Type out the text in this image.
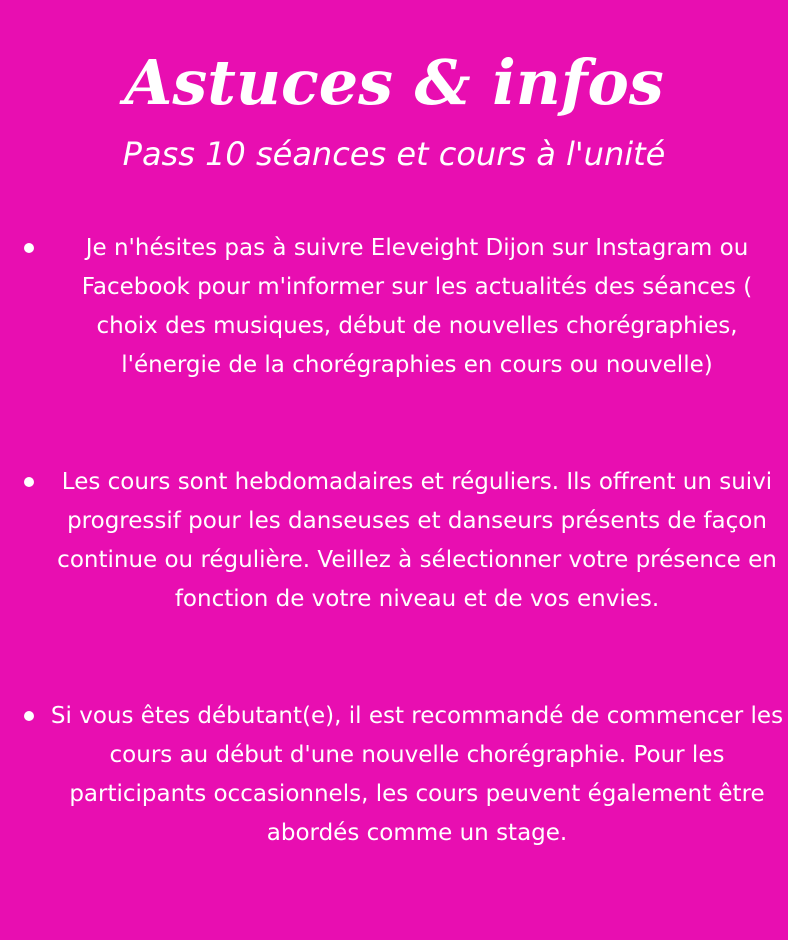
Astuces & infos
Pass 10 séances et cours à l'unité

Je n'hésites pas à suivre Eleveight Dijon sur Instagram ou Facebook pour m'informer sur les actualités des séances ( choix des musiques, début de nouvelles chorégraphies, l'énergie de la chorégraphies en cours ou nouvelle)

Les cours sont hebdomadaires et réguliers. Ils offrent un suivi progressif pour les danseuses et danseurs présents de façon continue ou régulière. Veillez à sélectionner votre présence en fonction de votre niveau et de vos envies.

Si vous êtes débutant(e), il est recommandé de commencer les cours au début d'une nouvelle chorégraphie. Pour les participants occasionnels, les cours peuvent également être abordés comme un stage.
